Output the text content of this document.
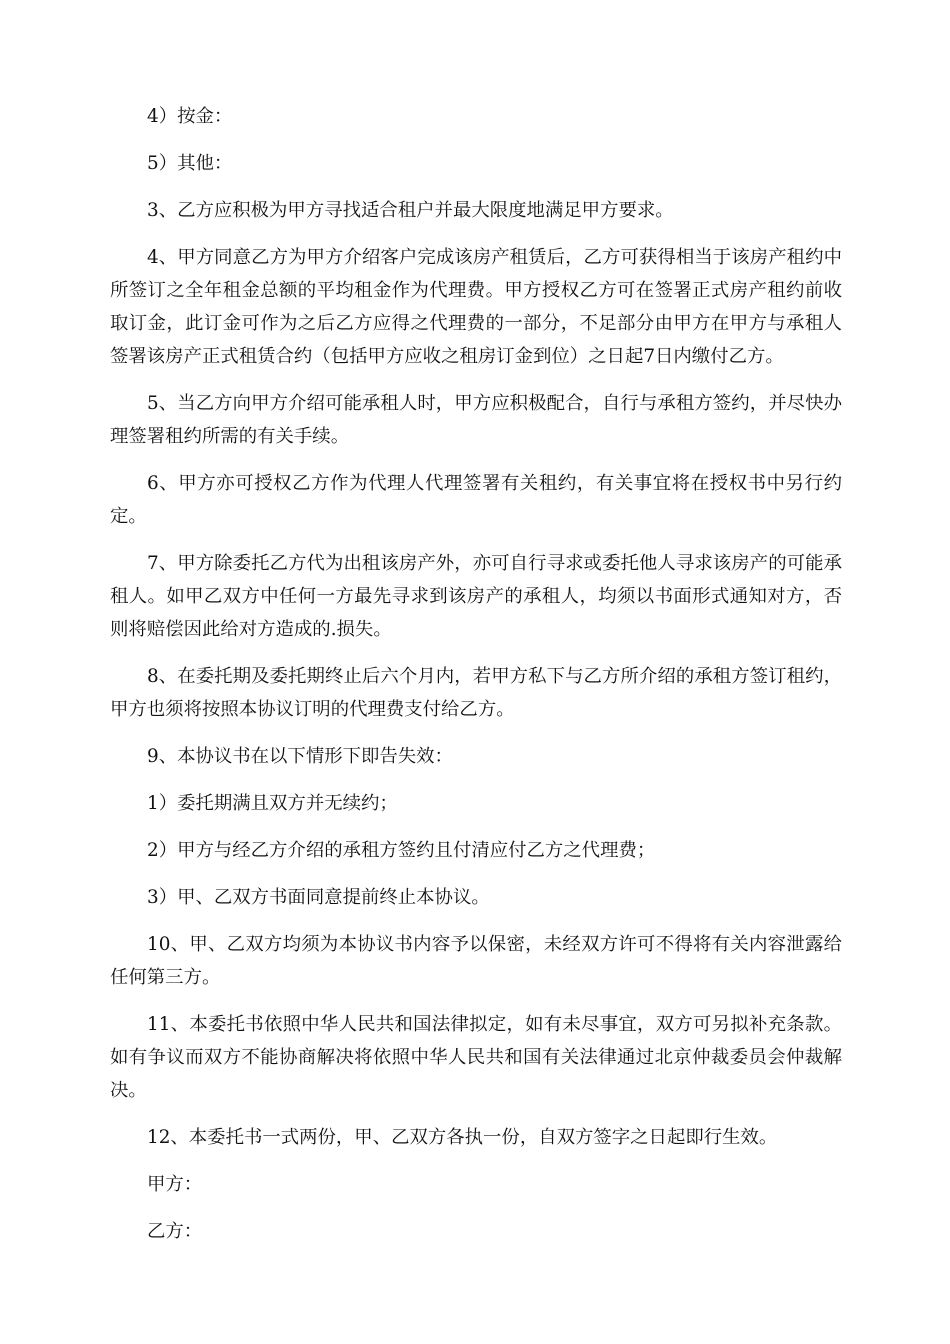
4）按金：

5）其他：

3、乙方应积极为甲方寻找适合租户并最大限度地满足甲方要求。

4、甲方同意乙方为甲方介绍客户完成该房产租赁后，乙方可获得相当于该房产租约中所签订之全年租金总额的平均租金作为代理费。甲方授权乙方可在签署正式房产租约前收取订金，此订金可作为之后乙方应得之代理费的一部分，不足部分由甲方在甲方与承租人签署该房产正式租赁合约（包括甲方应收之租房订金到位）之日起7日内缴付乙方。

5、当乙方向甲方介绍可能承租人时，甲方应积极配合，自行与承租方签约，并尽快办理签署租约所需的有关手续。

6、甲方亦可授权乙方作为代理人代理签署有关租约，有关事宜将在授权书中另行约定。

7、甲方除委托乙方代为出租该房产外，亦可自行寻求或委托他人寻求该房产的可能承租人。如甲乙双方中任何一方最先寻求到该房产的承租人，均须以书面形式通知对方，否则将赔偿因此给对方造成的.损失。

8、在委托期及委托期终止后六个月内，若甲方私下与乙方所介绍的承租方签订租约，甲方也须将按照本协议订明的代理费支付给乙方。

9、本协议书在以下情形下即告失效：

1）委托期满且双方并无续约；

2）甲方与经乙方介绍的承租方签约且付清应付乙方之代理费；

3）甲、乙双方书面同意提前终止本协议。

10、甲、乙双方均须为本协议书内容予以保密，未经双方许可不得将有关内容泄露给任何第三方。

11、本委托书依照中华人民共和国法律拟定，如有未尽事宜，双方可另拟补充条款。如有争议而双方不能协商解决将依照中华人民共和国有关法律通过北京仲裁委员会仲裁解决。

12、本委托书一式两份，甲、乙双方各执一份，自双方签字之日起即行生效。

甲方：

乙方：
